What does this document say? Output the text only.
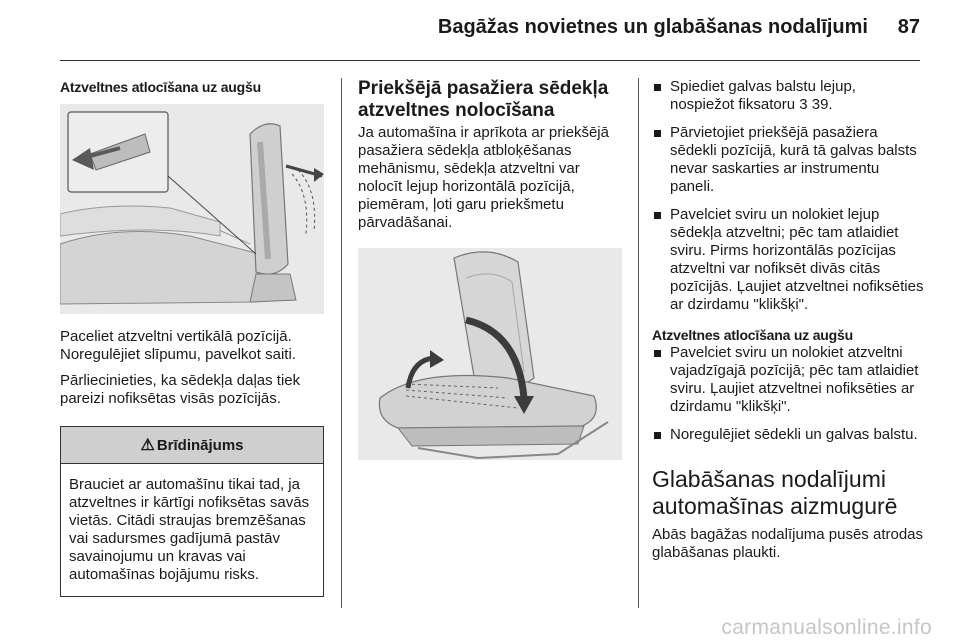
Bagāžas novietnes un glabāšanas nodalījumi 87

Atzveltnes atlocīšana uz augšu

Paceliet atzveltni vertikālā pozīcijā. Noregulējiet slīpumu, pavelkot saiti.

Pārliecinieties, ka sēdekļa daļas tiek pareizi nofiksētas visās pozīcijās.

⚠ Brīdinājums
Brauciet ar automašīnu tikai tad, ja atzveltnes ir kārtīgi nofiksētas savās vietās. Citādi straujas bremzēšanas vai sadursmes gadījumā pastāv savainojumu un kravas vai automašīnas bojājumu risks.

Priekšējā pasažiera sēdekļa atzveltnes nolocīšana

Ja automašīna ir aprīkota ar priekšējā pasažiera sēdekļa atbloķēšanas mehānismu, sēdekļa atzveltni var nolocīt lejup horizontālā pozīcijā, piemēram, ļoti garu priekšmetu pārvadāšanai.

Spiediet galvas balstu lejup, nospiežot fiksatoru 3 39.
Pārvietojiet priekšējā pasažiera sēdekli pozīcijā, kurā tā galvas balsts nevar saskarties ar instrumentu paneli.
Pavelciet sviru un nolokiet lejup sēdekļa atzveltni; pēc tam atlaidiet sviru. Pirms horizontālās pozīcijas atzveltni var nofiksēt divās citās pozīcijās. Ļaujiet atzveltnei nofiksēties ar dzirdamu "klikšķi".

Atzveltnes atlocīšana uz augšu

Pavelciet sviru un nolokiet atzveltni vajadzīgajā pozīcijā; pēc tam atlaidiet sviru. Ļaujiet atzveltnei nofiksēties ar dzirdamu "klikšķi".
Noregulējiet sēdekli un galvas balstu.

Glabāšanas nodalījumi automašīnas aizmugurē

Abās bagāžas nodalījuma pusēs atrodas glabāšanas plaukti.

carmanualsonline.info
